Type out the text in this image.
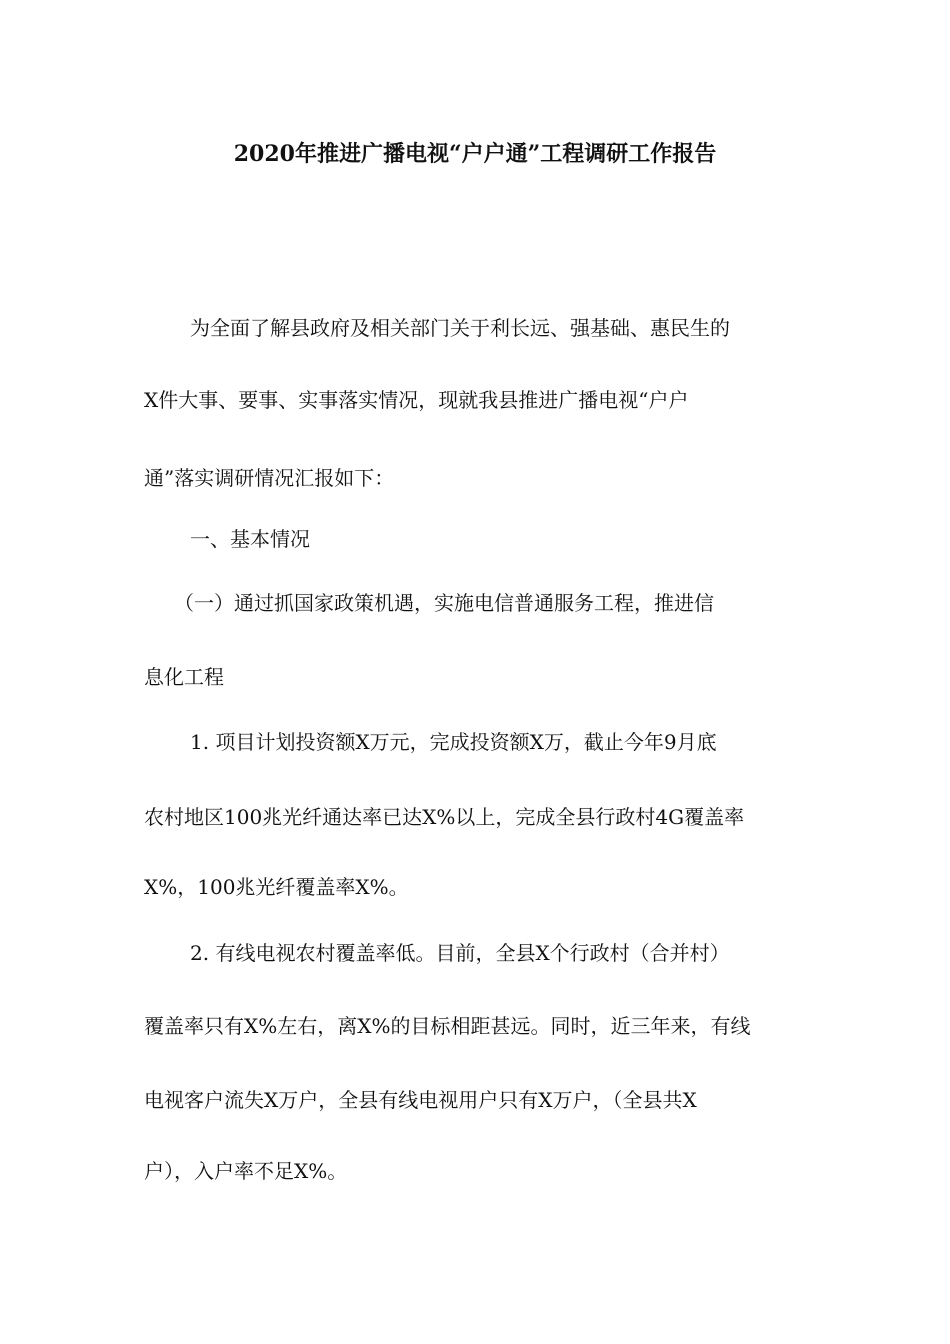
2020年推进广播电视“户户通”工程调研工作报告
为全面了解县政府及相关部门关于利长远、强基础、惠民生的
X件大事、要事、实事落实情况，现就我县推进广播电视“户户
通”落实调研情况汇报如下：
一、基本情况
（一）通过抓国家政策机遇，实施电信普通服务工程，推进信
息化工程
1. 项目计划投资额X万元，完成投资额X万，截止今年9月底
农村地区100兆光纤通达率已达X%以上，完成全县行政村4G覆盖率
X%，100兆光纤覆盖率X%。
2. 有线电视农村覆盖率低。目前，全县X个行政村（合并村）
覆盖率只有X%左右，离X%的目标相距甚远。同时，近三年来，有线
电视客户流失X万户，全县有线电视用户只有X万户，（全县共X
户），入户率不足X%。
